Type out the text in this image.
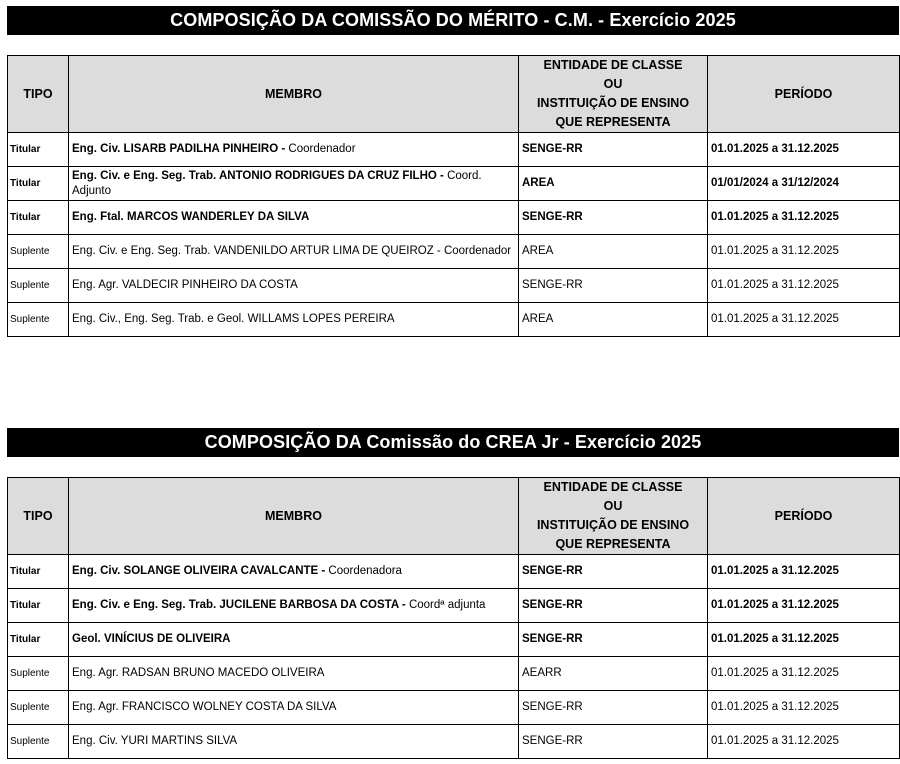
COMPOSIÇÃO DA COMISSÃO DO MÉRITO - C.M. - Exercício 2025
TIPO	MEMBRO	ENTIDADE DE CLASSE
OU
INSTITUIÇÃO DE ENSINO
QUE REPRESENTA	PERÍODO
Titular	Eng. Civ. LISARB PADILHA PINHEIRO - Coordenador	SENGE-RR	01.01.2025 a 31.12.2025
Titular	Eng. Civ. e Eng. Seg. Trab. ANTONIO RODRIGUES DA CRUZ FILHO - Coord. Adjunto	AREA	01/01/2024 a 31/12/2024
Titular	Eng. Ftal. MARCOS WANDERLEY DA SILVA	SENGE-RR	01.01.2025 a 31.12.2025
Suplente	Eng. Civ. e Eng. Seg. Trab. VANDENILDO ARTUR LIMA DE QUEIROZ - Coordenador	AREA	01.01.2025 a 31.12.2025
Suplente	Eng. Agr. VALDECIR PINHEIRO DA COSTA	SENGE-RR	01.01.2025 a 31.12.2025
Suplente	Eng. Civ., Eng. Seg. Trab. e Geol. WILLAMS LOPES PEREIRA	AREA	01.01.2025 a 31.12.2025
COMPOSIÇÃO DA Comissão do CREA Jr - Exercício 2025
TIPO	MEMBRO	ENTIDADE DE CLASSE
OU
INSTITUIÇÃO DE ENSINO
QUE REPRESENTA	PERÍODO
Titular	Eng. Civ. SOLANGE OLIVEIRA CAVALCANTE - Coordenadora	SENGE-RR	01.01.2025 a 31.12.2025
Titular	Eng. Civ. e Eng. Seg. Trab. JUCILENE BARBOSA DA COSTA - Coordª adjunta	SENGE-RR	01.01.2025 a 31.12.2025
Titular	Geol. VINÍCIUS DE OLIVEIRA	SENGE-RR	01.01.2025 a 31.12.2025
Suplente	Eng. Agr. RADSAN BRUNO MACEDO OLIVEIRA	AEARR	01.01.2025 a 31.12.2025
Suplente	Eng. Agr. FRANCISCO WOLNEY COSTA DA SILVA	SENGE-RR	01.01.2025 a 31.12.2025
Suplente	Eng. Civ. YURI MARTINS SILVA	SENGE-RR	01.01.2025 a 31.12.2025
